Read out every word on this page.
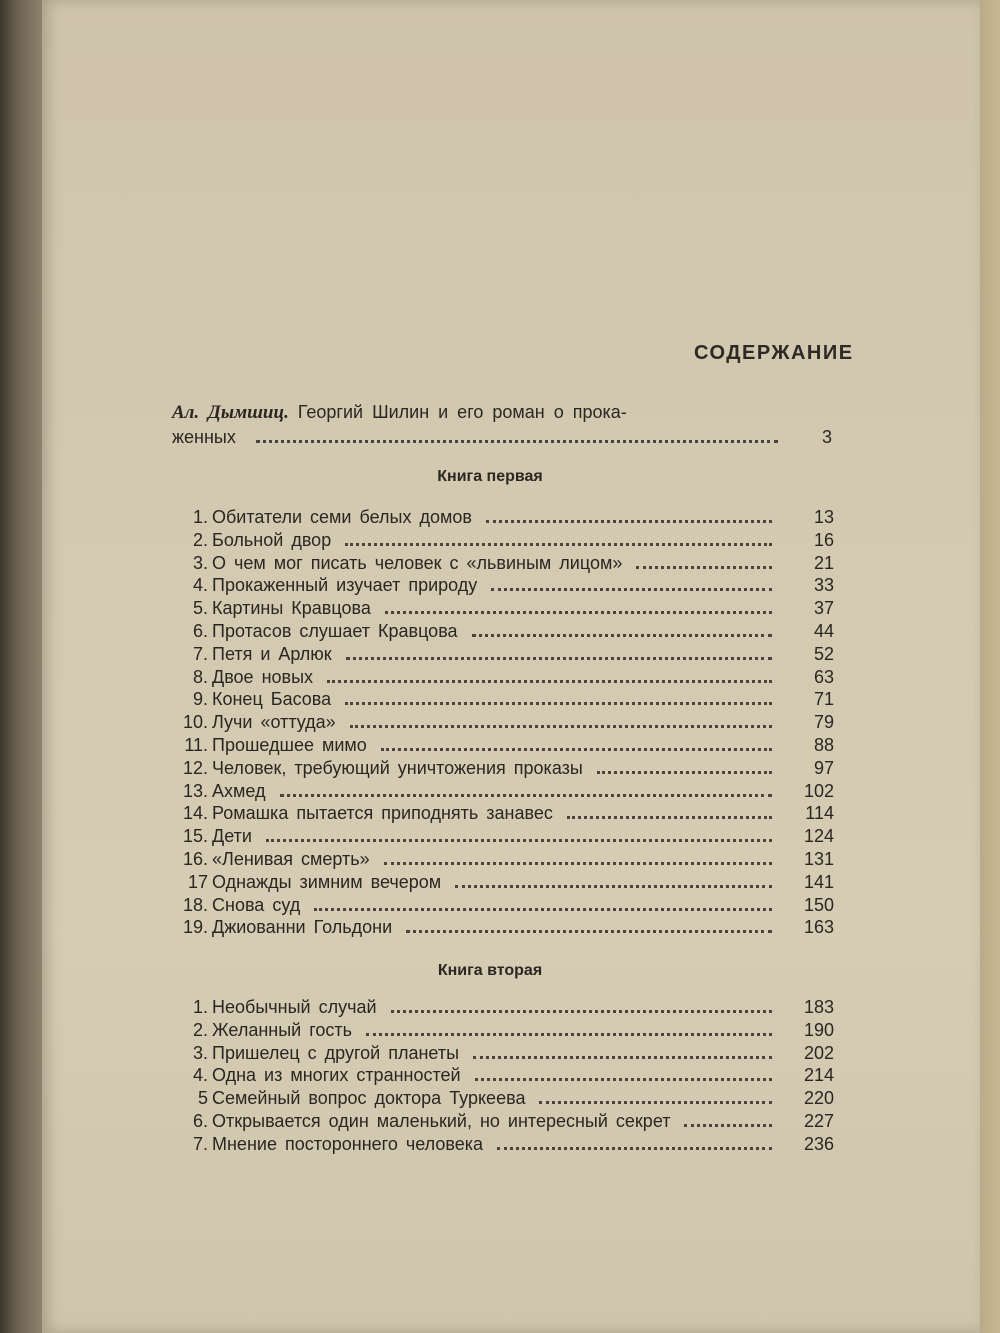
СОДЕРЖАНИЕ
Ал. Дымшиц. Георгий Шилин и его роман о прока-
женных	3
Книга первая
1. Обитатели семи белых домов	13
2. Больной двор	16
3. О чем мог писать человек с «львиным лицом»	21
4. Прокаженный изучает природу	33
5. Картины Кравцова	37
6. Протасов слушает Кравцова	44
7. Петя и Арлюк	52
8. Двое новых	63
9. Конец Басова	71
10. Лучи «оттуда»	79
11. Прошедшее мимо	88
12. Человек, требующий уничтожения проказы	97
13. Ахмед	102
14. Ромашка пытается приподнять занавес	114
15. Дети	124
16. «Ленивая смерть»	131
17 Однажды зимним вечером	141
18. Снова суд	150
19. Джиованни Гольдони	163
Книга вторая
1. Необычный случай	183
2. Желанный гость	190
3. Пришелец с другой планеты	202
4. Одна из многих странностей	214
5 Семейный вопрос доктора Туркеева	220
6. Открывается один маленький, но интересный секрет	227
7. Мнение постороннего человека	236
